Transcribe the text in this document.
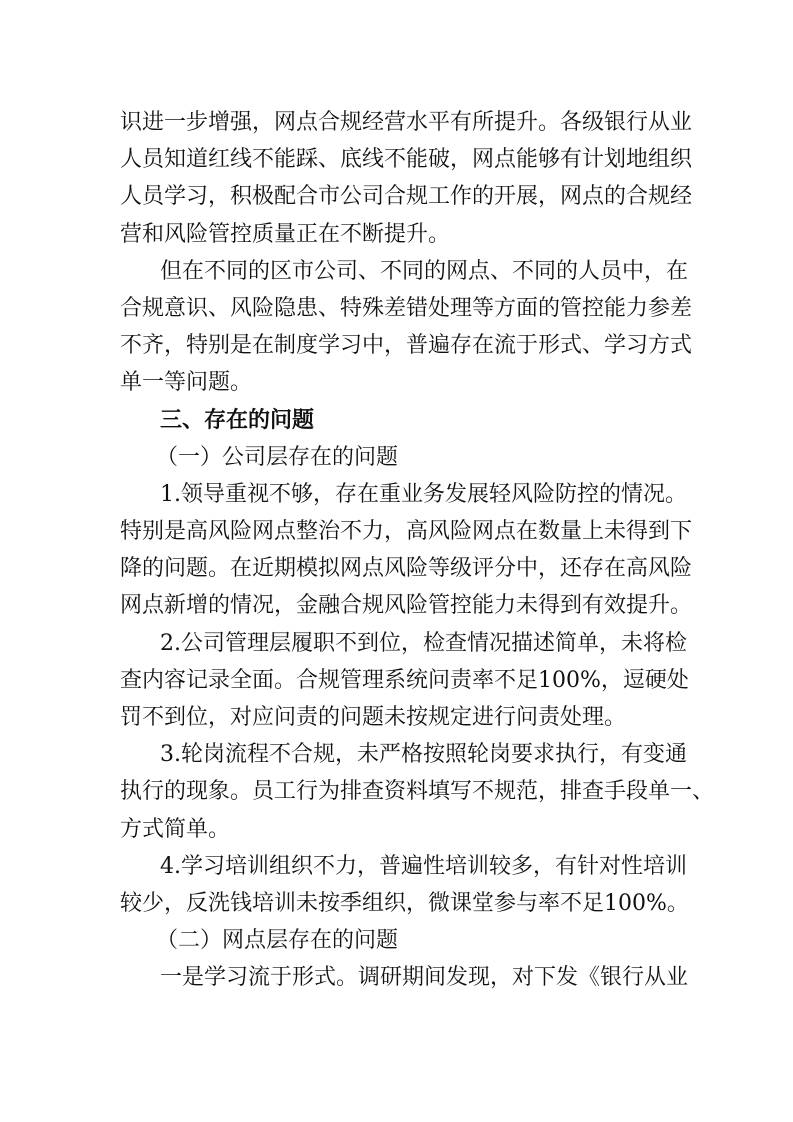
识进一步增强，网点合规经营水平有所提升。各级银行从业
人员知道红线不能踩、底线不能破，网点能够有计划地组织
人员学习，积极配合市公司合规工作的开展，网点的合规经
营和风险管控质量正在不断提升。
但在不同的区市公司、不同的网点、不同的人员中，在
合规意识、风险隐患、特殊差错处理等方面的管控能力参差
不齐，特别是在制度学习中，普遍存在流于形式、学习方式
单一等问题。
三、存在的问题
（一）公司层存在的问题
1.领导重视不够，存在重业务发展轻风险防控的情况。
特别是高风险网点整治不力，高风险网点在数量上未得到下
降的问题。在近期模拟网点风险等级评分中，还存在高风险
网点新增的情况，金融合规风险管控能力未得到有效提升。
2.公司管理层履职不到位，检查情况描述简单，未将检
查内容记录全面。合规管理系统问责率不足100%，逗硬处
罚不到位，对应问责的问题未按规定进行问责处理。
3.轮岗流程不合规，未严格按照轮岗要求执行，有变通
执行的现象。员工行为排查资料填写不规范，排查手段单一、
方式简单。
4.学习培训组织不力，普遍性培训较多，有针对性培训
较少，反洗钱培训未按季组织，微课堂参与率不足100%。
（二）网点层存在的问题
一是学习流于形式。调研期间发现，对下发《银行从业
